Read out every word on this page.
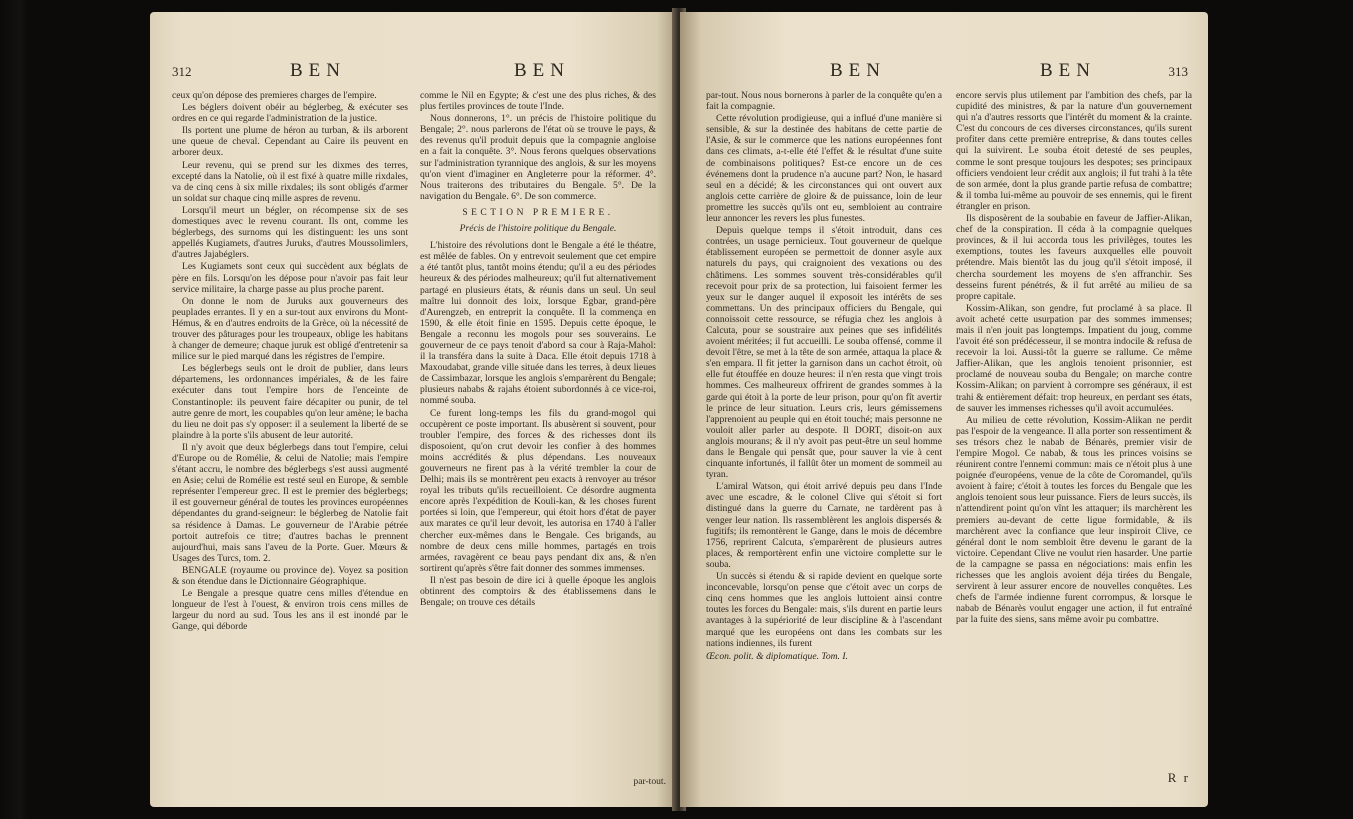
312	BEN	BEN

ceux qu'on dépose des premieres charges de l'empire.

Les béglers doivent obéir au béglerbeg, & exécuter ses ordres en ce qui regarde l'administration de la justice.

Ils portent une plume de héron au turban, & ils arborent une queue de cheval. Cependant au Caire ils peuvent en arborer deux.

Leur revenu, qui se prend sur les dixmes des terres, excepté dans la Natolie, où il est fixé à quatre mille rixdales, va de cinq cens à six mille rixdales; ils sont obligés d'armer un soldat sur chaque cinq mille aspres de revenu.

Lorsqu'il meurt un bégler, on récompense six de ses domestiques avec le revenu courant. Ils ont, comme les béglerbegs, des surnoms qui les distinguent: les uns sont appellés Kugiamets, d'autres Juruks, d'autres Moussolimlers, d'autres Jajabéglers.

Les Kugiamets sont ceux qui succèdent aux béglats de père en fils. Lorsqu'on les dépose pour n'avoir pas fait leur service militaire, la charge passe au plus proche parent.

On donne le nom de Juruks aux gouverneurs des peuplades errantes. Il y en a sur-tout aux environs du Mont-Hémus, & en d'autres endroits de la Grèce, où la nécessité de trouver des pâturages pour les troupeaux, oblige les habitans à changer de demeure; chaque juruk est obligé d'entretenir sa milice sur le pied marqué dans les régistres de l'empire.

Les béglerbegs seuls ont le droit de publier, dans leurs départemens, les ordonnances impériales, & de les faire exécuter dans tout l'empire hors de l'enceinte de Constantinople: ils peuvent faire décapiter ou punir, de tel autre genre de mort, les coupables qu'on leur amène; le bacha du lieu ne doit pas s'y opposer: il a seulement la liberté de se plaindre à la porte s'ils abusent de leur autorité.

Il n'y avoit que deux béglerbegs dans tout l'empire, celui d'Europe ou de Romélie, & celui de Natolie; mais l'empire s'étant accru, le nombre des béglerbegs s'est aussi augmenté en Asie; celui de Romélie est resté seul en Europe, & semble représenter l'empereur grec. Il est le premier des béglerbegs; il est gouverneur général de toutes les provinces européennes dépendantes du grand-seigneur: le béglerbeg de Natolie fait sa résidence à Damas. Le gouverneur de l'Arabie pétrée portoit autrefois ce titre; d'autres bachas le prennent aujourd'hui, mais sans l'aveu de la Porte. Guer. Mœurs & Usages des Turcs, tom. 2.

BENGALE (royaume ou province de). Voyez sa position & son étendue dans le Dictionnaire Géographique.

Le Bengale a presque quatre cens milles d'étendue en longueur de l'est à l'ouest, & environ trois cens milles de largeur du nord au sud. Tous les ans il est inondé par le Gange, qui déborde

comme le Nil en Egypte; & c'est une des plus riches, & des plus fertiles provinces de toute l'Inde.

Nous donnerons, 1°. un précis de l'histoire politique du Bengale; 2°. nous parlerons de l'état où se trouve le pays, & des revenus qu'il produit depuis que la compagnie angloise en a fait la conquête. 3°. Nous ferons quelques observations sur l'administration tyrannique des anglois, & sur les moyens qu'on vient d'imaginer en Angleterre pour la réformer. 4°. Nous traiterons des tributaires du Bengale. 5°. De la navigation du Bengale. 6°. De son commerce.

SECTION PREMIERE.
Précis de l'histoire politique du Bengale.

L'histoire des révolutions dont le Bengale a été le théatre, est mêlée de fables. On y entrevoit seulement que cet empire a été tantôt plus, tantôt moins étendu; qu'il a eu des périodes heureux & des périodes malheureux; qu'il fut alternativement partagé en plusieurs états, & réunis dans un seul. Un seul maître lui donnoit des loix, lorsque Egbar, grand-père d'Aurengzeb, en entreprit la conquête. Il la commença en 1590, & elle étoit finie en 1595. Depuis cette époque, le Bengale a reconnu les mogols pour ses souverains. Le gouverneur de ce pays tenoit d'abord sa cour à Raja-Mahol: il la transféra dans la suite à Daca. Elle étoit depuis 1718 à Maxoudabat, grande ville située dans les terres, à deux lieues de Cassimbazar, lorsque les anglois s'emparèrent du Bengale; plusieurs nababs & rajahs étoient subordonnés à ce vice-roi, nommé souba.

Ce furent long-temps les fils du grand-mogol qui occupèrent ce poste important. Ils abusèrent si souvent, pour troubler l'empire, des forces & des richesses dont ils disposoient, qu'on crut devoir les confier à des hommes moins accrédités & plus dépendans. Les nouveaux gouverneurs ne firent pas à la vérité trembler la cour de Delhi; mais ils se montrèrent peu exacts à renvoyer au trésor royal les tributs qu'ils recueilloient. Ce désordre augmenta encore après l'expédition de Kouli-kan, & les choses furent portées si loin, que l'empereur, qui étoit hors d'état de payer aux marates ce qu'il leur devoit, les autorisa en 1740 à l'aller chercher eux-mêmes dans le Bengale. Ces brigands, au nombre de deux cens mille hommes, partagés en trois armées, ravagèrent ce beau pays pendant dix ans, & n'en sortirent qu'après s'être fait donner des sommes immenses.

Il n'est pas besoin de dire ici à quelle époque les anglois obtinrent des comptoirs & des établissemens dans le Bengale; on trouve ces détails

par-tout.
BEN	BEN	313

par-tout. Nous nous bornerons à parler de la conquête qu'en a fait la compagnie.

Cette révolution prodigieuse, qui a influé d'une manière si sensible, & sur la destinée des habitans de cette partie de l'Asie, & sur le commerce que les nations européennes font dans ces climats, a-t-elle été l'effet & le résultat d'une suite de combinaisons politiques? Est-ce encore un de ces événemens dont la prudence n'a aucune part? Non, le hasard seul en a décidé; & les circonstances qui ont ouvert aux anglois cette carrière de gloire & de puissance, loin de leur promettre les succès qu'ils ont eu, sembloient au contraire leur annoncer les revers les plus funestes.

Depuis quelque temps il s'étoit introduit, dans ces contrées, un usage pernicieux. Tout gouverneur de quelque établissement européen se permettoit de donner asyle aux naturels du pays, qui craignoient des vexations ou des châtimens. Les sommes souvent très-considérables qu'il recevoit pour prix de sa protection, lui faisoient fermer les yeux sur le danger auquel il exposoit les intérêts de ses commettans. Un des principaux officiers du Bengale, qui connoissoit cette ressource, se réfugia chez les anglois à Calcuta, pour se soustraire aux peines que ses infidélités avoient méritées; il fut accueilli. Le souba offensé, comme il devoit l'être, se met à la tête de son armée, attaqua la place & s'en empara. Il fit jetter la garnison dans un cachot étroit, où elle fut étouffée en douze heures: il n'en resta que vingt trois hommes. Ces malheureux offrirent de grandes sommes à la garde qui étoit à la porte de leur prison, pour qu'on fît avertir le prince de leur situation. Leurs cris, leurs gémissemens l'apprenoient au peuple qui en étoit touché; mais personne ne vouloit aller parler au despote. Il DORT, disoit-on aux anglois mourans; & il n'y avoit pas peut-être un seul homme dans le Bengale qui pensât que, pour sauver la vie à cent cinquante infortunés, il fallût ôter un moment de sommeil au tyran.

L'amiral Watson, qui étoit arrivé depuis peu dans l'Inde avec une escadre, & le colonel Clive qui s'étoit si fort distingué dans la guerre du Carnate, ne tardèrent pas à venger leur nation. Ils rassemblèrent les anglois dispersés & fugitifs; ils remontèrent le Gange, dans le mois de décembre 1756, reprirent Calcuta, s'emparèrent de plusieurs autres places, & remportèrent enfin une victoire complette sur le souba.

Un succès si étendu & si rapide devient en quelque sorte inconcevable, lorsqu'on pense que c'étoit avec un corps de cinq cens hommes que les anglois luttoient ainsi contre toutes les forces du Bengale: mais, s'ils durent en partie leurs avantages à la supériorité de leur discipline & à l'ascendant marqué que les européens ont dans les combats sur les nations indiennes, ils furent

Œcon. polit. & diplomatique. Tom. I.

encore servis plus utilement par l'ambition des chefs, par la cupidité des ministres, & par la nature d'un gouvernement qui n'a d'autres ressorts que l'intérêt du moment & la crainte. C'est du concours de ces diverses circonstances, qu'ils surent profiter dans cette première entreprise, & dans toutes celles qui la suivirent. Le souba étoit detesté de ses peuples, comme le sont presque toujours les despotes; ses principaux officiers vendoient leur crédit aux anglois; il fut trahi à la tête de son armée, dont la plus grande partie refusa de combattre; & il tomba lui-même au pouvoir de ses ennemis, qui le firent étrangler en prison.

Ils disposèrent de la soubabie en faveur de Jaffier-Alikan, chef de la conspiration. Il céda à la compagnie quelques provinces, & il lui accorda tous les privilèges, toutes les exemptions, toutes les faveurs auxquelles elle pouvoit prétendre. Mais bientôt las du joug qu'il s'étoit imposé, il chercha sourdement les moyens de s'en affranchir. Ses desseins furent pénétrés, & il fut arrêté au milieu de sa propre capitale.

Kossim-Alikan, son gendre, fut proclamé à sa place. Il avoit acheté cette usurpation par des sommes immenses; mais il n'en jouit pas longtemps. Impatient du joug, comme l'avoit été son prédécesseur, il se montra indocile & refusa de recevoir la loi. Aussi-tôt la guerre se rallume. Ce même Jaffier-Alikan, que les anglois tenoient prisonnier, est proclamé de nouveau souba du Bengale; on marche contre Kossim-Alikan; on parvient à corrompre ses généraux, il est trahi & entièrement défait: trop heureux, en perdant ses états, de sauver les immenses richesses qu'il avoit accumulées.

Au milieu de cette révolution, Kossim-Alikan ne perdit pas l'espoir de la vengeance. Il alla porter son ressentiment & ses trésors chez le nabab de Bénarès, premier visir de l'empire Mogol. Ce nabab, & tous les princes voisins se réunirent contre l'ennemi commun: mais ce n'étoit plus à une poignée d'européens, venue de la côte de Coromandel, qu'ils avoient à faire; c'étoit à toutes les forces du Bengale que les anglois tenoient sous leur puissance. Fiers de leurs succès, ils n'attendirent point qu'on vînt les attaquer; ils marchèrent les premiers au-devant de cette ligue formidable, & ils marchèrent avec la confiance que leur inspiroit Clive, ce général dont le nom sembloit être devenu le garant de la victoire. Cependant Clive ne voulut rien hasarder. Une partie de la campagne se passa en négociations: mais enfin les richesses que les anglois avoient déja tirées du Bengale, servirent à leur assurer encore de nouvelles conquêtes. Les chefs de l'armée indienne furent corrompus, & lorsque le nabab de Bénarès voulut engager une action, il fut entraîné par la fuite des siens, sans même avoir pu combattre.

R r
